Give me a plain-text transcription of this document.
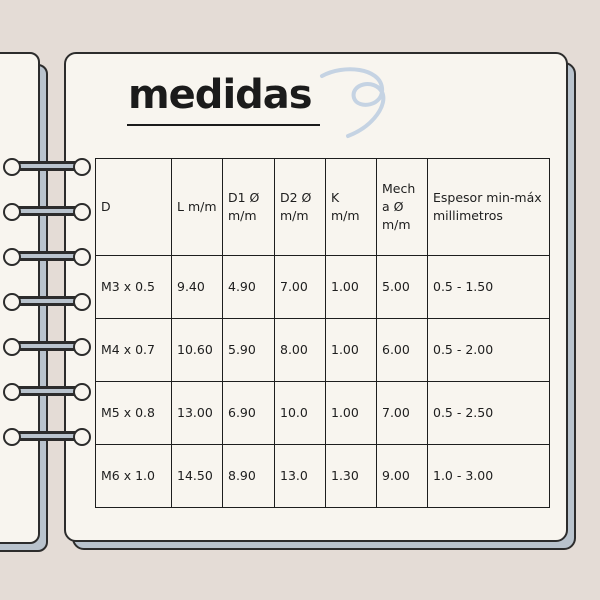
medidas
D	L m/m	D1 Ø m/m	D2 Ø m/m	K m/m	Mech a Ø m/m	Espesor min-máx millimetros
M3 x 0.5	9.40	4.90	7.00	1.00	5.00	0.5 - 1.50
M4 x 0.7	10.60	5.90	8.00	1.00	6.00	0.5 - 2.00
M5 x 0.8	13.00	6.90	10.0	1.00	7.00	0.5 - 2.50
M6 x 1.0	14.50	8.90	13.0	1.30	9.00	1.0 - 3.00
